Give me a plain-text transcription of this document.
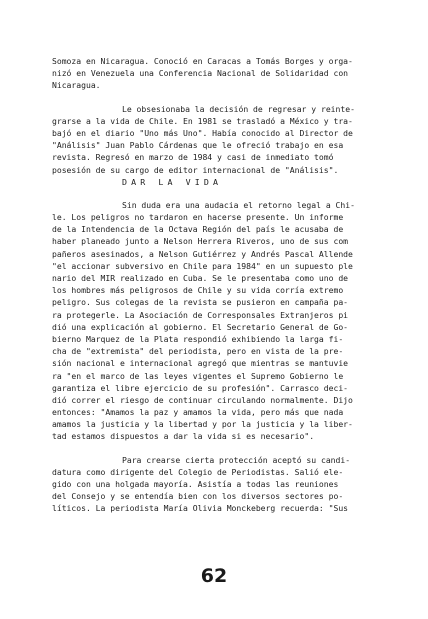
Somoza en Nicaragua. Conoció en Caracas a Tomás Borges y orga-
nizó en Venezuela una Conferencia Nacional de Solidaridad con
Nicaragua.
Le obsesionaba la decisión de regresar y reinte-
grarse a la vida de Chile. En 1981 se trasladó a México y tra-
bajó en el diario "Uno más Uno". Había conocido al Director de
"Análisis" Juan Pablo Cárdenas que le ofreció trabajo en esa
revista. Regresó en marzo de 1984 y casi de inmediato tomó
posesión de su cargo de editor internacional de "Análisis".
DAR LA VIDA
Sin duda era una audacia el retorno legal a Chi-
le. Los peligros no tardaron en hacerse presente. Un informe
de la Intendencia de la Octava Región del país le acusaba de
haber planeado junto a Nelson Herrera Riveros, uno de sus com
pañeros asesinados, a Nelson Gutiérrez y Andrés Pascal Allende
"el accionar subversivo en Chile para 1984" en un supuesto ple
nario del MIR realizado en Cuba. Se le presentaba como uno de
los hombres más peligrosos de Chile y su vida corría extremo
peligro. Sus colegas de la revista se pusieron en campaña pa-
ra protegerle. La Asociación de Corresponsales Extranjeros pi
dió una explicación al gobierno. El Secretario General de Go-
bierno Marquez de la Plata respondió exhibiendo la larga fi-
cha de "extremista" del periodista, pero en vista de la pre-
sión nacional e internacional agregó que mientras se mantuvie
ra "en el marco de las leyes vigentes el Supremo Gobierno le
garantiza el libre ejercicio de su profesión". Carrasco deci-
dió correr el riesgo de continuar circulando normalmente. Dijo
entonces: "Amamos la paz y amamos la vida, pero más que nada
amamos la justicia y la libertad y por la justicia y la liber-
tad estamos dispuestos a dar la vida si es necesario".
Para crearse cierta protección aceptó su candi-
datura como dirigente del Colegio de Periodistas. Salió ele-
gido con una holgada mayoría. Asistía a todas las reuniones
del Consejo y se entendía bien con los diversos sectores po-
líticos. La periodista María Olivia Monckeberg recuerda: "Sus
62
